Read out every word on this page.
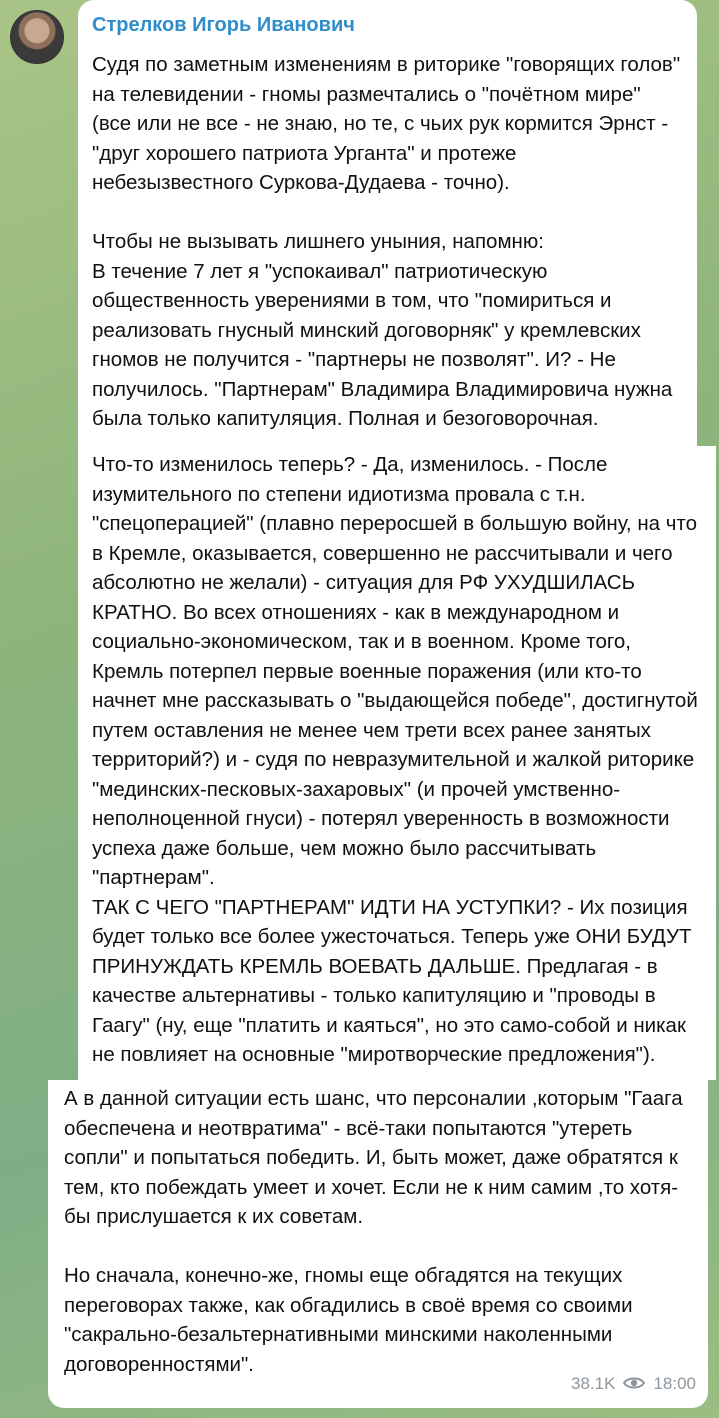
Стрелков Игорь Иванович

Судя по заметным изменениям в риторике "говорящих голов" на телевидении - гномы размечтались о "почётном мире" (все или не все - не знаю, но те, с чьих рук кормится Эрнст - "друг хорошего патриота Урганта" и протеже небезызвестного Суркова-Дудаева - точно).

Чтобы не вызывать лишнего уныния, напомню:
В течение 7 лет я "успокаивал" патриотическую общественность уверениями в том, что "помириться и реализовать гнусный минский договорняк" у кремлевских гномов не получится - "партнеры не позволят". И? - Не получилось. "Партнерам" Владимира Владимировича нужна была только капитуляция. Полная и безоговорочная.

Что-то изменилось теперь? - Да, изменилось. - После изумительного по степени идиотизма провала с т.н. "спецоперацией" (плавно переросшей в большую войну, на что в Кремле, оказывается, совершенно не рассчитывали и чего абсолютно не желали) - ситуация для РФ УХУДШИЛАСЬ КРАТНО. Во всех отношениях - как в международном и социально-экономическом, так и в военном. Кроме того, Кремль потерпел первые военные поражения (или кто-то начнет мне рассказывать о "выдающейся победе", достигнутой путем оставления не менее чем трети всех ранее занятых территорий?) и - судя по невразумительной и жалкой риторике "мединских-песковых-захаровых" (и прочей умственно-неполноценной гнуси) - потерял уверенность в возможности успеха даже больше, чем можно было рассчитывать "партнерам".
ТАК С ЧЕГО "ПАРТНЕРАМ" ИДТИ НА УСТУПКИ? - Их позиция будет только все более ужесточаться. Теперь уже ОНИ БУДУТ ПРИНУЖДАТЬ КРЕМЛЬ ВОЕВАТЬ ДАЛЬШЕ. Предлагая - в качестве альтернативы - только капитуляцию и "проводы в Гаагу" (ну, еще "платить и каяться", но это само-собой и никак не повлияет на основные "миротворческие предложения").

А в данной ситуации есть шанс, что персоналии ,которым "Гаага обеспечена и неотвратима" - всё-таки попытаются "утереть сопли" и попытаться победить. И, быть может, даже обратятся к тем, кто побеждать умеет и хочет. Если не к ним самим ,то хотя-бы прислушается к их советам.

Но сначала, конечно-же, гномы еще обгадятся на текущих переговорах также, как обгадились в своё время со своими "сакрально-безальтернативными минскими наколенными договоренностями".

38.1K 18:00
